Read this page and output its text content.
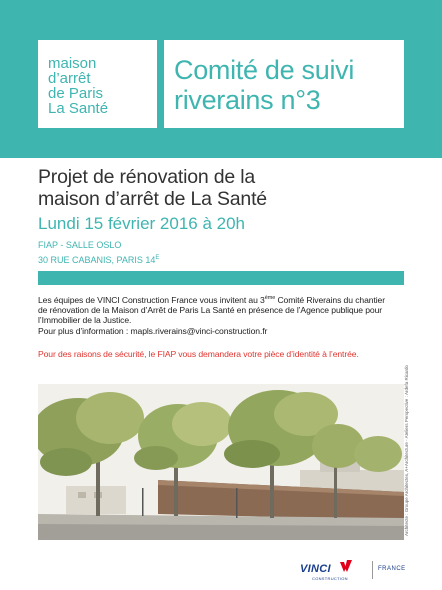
maison
d’arrêt
de Paris
La Santé
Comité de suivi
riverains n°3
Projet de rénovation de la
maison d’arrêt de La Santé
Lundi 15 février 2016 à 20h
FIAP - SALLE OSLO
30 RUE CABANIS, PARIS $14^E$
Les équipes de VINCI Construction France vous invitent au 3ème Comité Riverains du chantier
de rénovation de la Maison d’Arrêt de Paris La Santé en présence de l’Agence publique pour
l’Immobilier de la Justice.
Pour plus d’information : mapls.riverains@vinci-construction.fr
Pour des raisons de sécurité, le FIAP vous demandera votre pièce d’identité à l’entrée.
Architecte : Groupe Architectes, A+Architecture - Ateliers Perspective : Ardefa Ricardo
VINCI
CONSTRUCTION
FRANCE
